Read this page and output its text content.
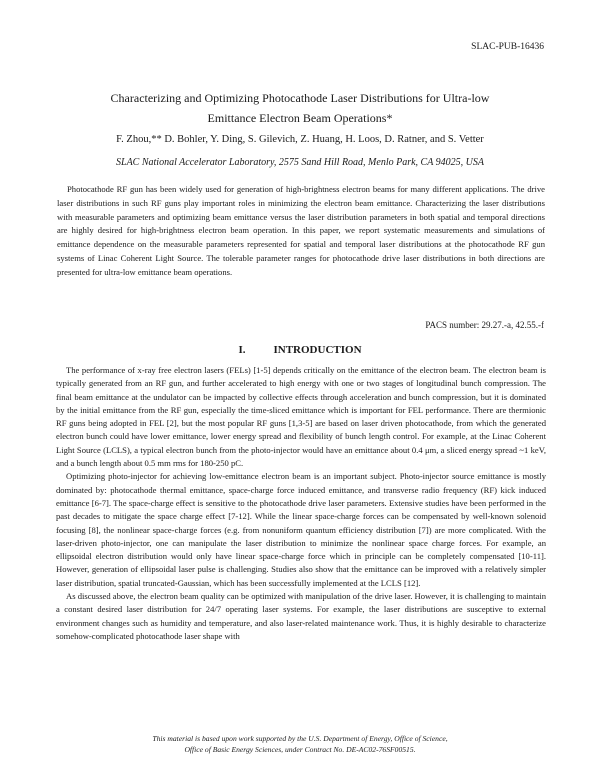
SLAC-PUB-16436
Characterizing and Optimizing Photocathode Laser Distributions for Ultra-low
Emittance Electron Beam Operations*
F. Zhou,** D. Bohler, Y. Ding, S. Gilevich, Z. Huang, H. Loos, D. Ratner, and S. Vetter
SLAC National Accelerator Laboratory, 2575 Sand Hill Road, Menlo Park, CA 94025, USA
Photocathode RF gun has been widely used for generation of high-brightness electron beams for many different applications. The drive laser distributions in such RF guns play important roles in minimizing the electron beam emittance. Characterizing the laser distributions with measurable parameters and optimizing beam emittance versus the laser distribution parameters in both spatial and temporal directions are highly desired for high-brightness electron beam operation. In this paper, we report systematic measurements and simulations of emittance dependence on the measurable parameters represented for spatial and temporal laser distributions at the photocathode RF gun systems of Linac Coherent Light Source. The tolerable parameter ranges for photocathode drive laser distributions in both directions are presented for ultra-low emittance beam operations.
PACS number: 29.27.-a, 42.55.-f
I.	INTRODUCTION

The performance of x-ray free electron lasers (FELs) [1-5] depends critically on the emittance of the electron beam. The electron beam is typically generated from an RF gun, and further accelerated to high energy with one or two stages of longitudinal bunch compression. The final beam emittance at the undulator can be impacted by collective effects through acceleration and bunch compression, but it is dominated by the initial emittance from the RF gun, especially the time-sliced emittance which is important for FEL performance. There are thermionic RF guns being adopted in FEL [2], but the most popular RF guns [1,3-5] are based on laser driven photocathode, from which the generated electron bunch could have lower emittance, lower energy spread and flexibility of bunch length control. For example, at the Linac Coherent Light Source (LCLS), a typical electron bunch from the photo-injector would have an emittance about 0.4 μm, a sliced energy spread ~1 keV, and a bunch length about 0.5 mm rms for 180-250 pC.

Optimizing photo-injector for achieving low-emittance electron beam is an important subject. Photo-injector source emittance is mostly dominated by: photocathode thermal emittance, space-charge force induced emittance, and transverse radio frequency (RF) kick induced emittance [6-7]. The space-charge effect is sensitive to the photocathode drive laser parameters. Extensive studies have been performed in the past decades to mitigate the space charge effect [7-12]. While the linear space-charge forces can be compensated by well-known solenoid focusing [8], the nonlinear space-charge forces (e.g. from nonuniform quantum efficiency distribution [7]) are more complicated. With the laser-driven photo-injector, one can manipulate the laser distribution to minimize the nonlinear space charge forces. For example, an ellipsoidal electron distribution would only have linear space-charge force which in principle can be completely compensated [10-11]. However, generation of ellipsoidal laser pulse is challenging. Studies also show that the emittance can be improved with a relatively simpler laser distribution, spatial truncated-Gaussian, which has been successfully implemented at the LCLS [12].

As discussed above, the electron beam quality can be optimized with manipulation of the drive laser. However, it is challenging to maintain a constant desired laser distribution for 24/7 operating laser systems. For example, the laser distributions are susceptive to external environment changes such as humidity and temperature, and also laser-related maintenance work. Thus, it is highly desirable to characterize somehow-complicated photocathode laser shape with

This material is based upon work supported by the U.S. Department of Energy, Office of Science,
Office of Basic Energy Sciences, under Contract No. DE-AC02-76SF00515.
